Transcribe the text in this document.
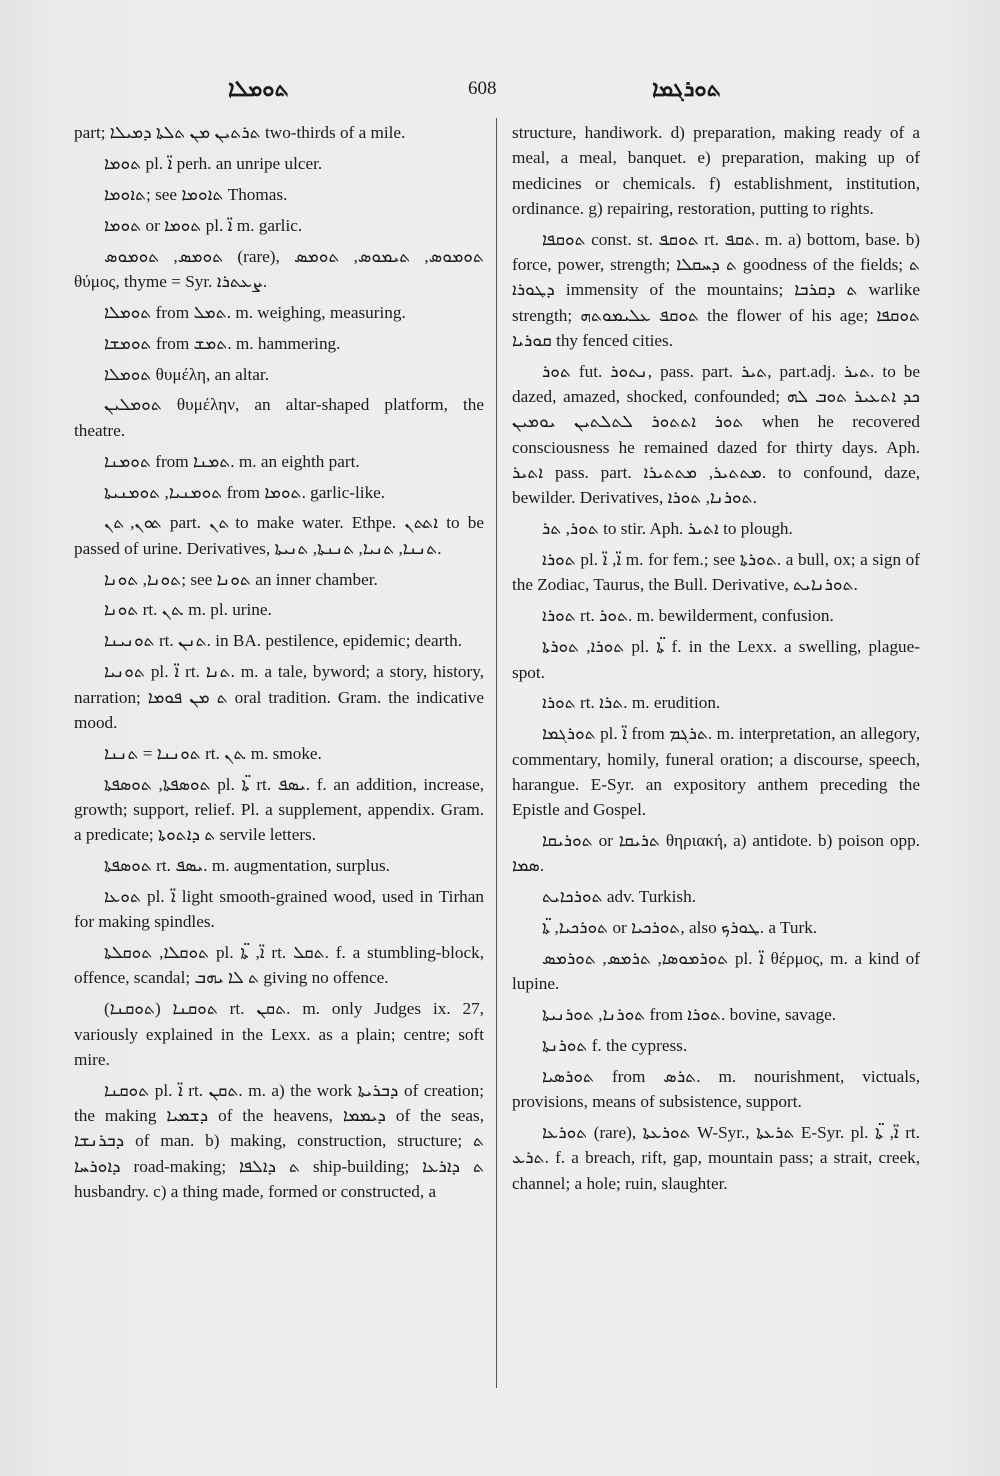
ܬܘܡܠܐ	608	ܬܘܪܓܡܐ

part; ܬܪܬܝܢ ܡܢ ܬܠܬܐ ܕܡܝܠܐ two-thirds of a mile.

ܬܘܡܐ pl. ܐ̈ perh. an unripe ulcer.

ܬܐܘܡܐ; see ܬܐܘܡܐ Thomas.

ܬܘܡܐ or ܬܘܡܐ pl. ܐ̈ m. garlic.

ܬܘܡܣ, ܬܘܡܘܣ (rare), ܬܘܡܘܣ, ܬܝܡܘܣ, ܬܘܡܣ θύμος, thyme = Syr. ܨܥܬܪܐ.

ܬܘܡܠܐ from ܬܡܠ. m. weighing, measuring.

ܬܘܡܫܐ from ܬܡܫ. m. hammering.

ܬܘܡܠܐ θυμέλη, an altar.

ܬܘܡܠܝܢ θυμέλην, an altar-shaped platform, the theatre.

ܬܘܡܢܐ from ܬܡܢܐ. m. an eighth part.

ܬܘܡܢܝܐ, ܬܘܡܢܝܬܐ from ܬܘܡܐ. garlic-like.

ܬܘܢ, ܬܢ part. ܬܢ to make water. Ethpe. ܐܬܬܢ to be passed of urine. Derivatives, ܬܢܢܐ, ܬܢܝܐ, ܬܢܢܬܐ, ܬܢܝܬܐ.

ܬܘܢܐ, ܬܘܢܐ; see ܬܘܢܐ an inner chamber.

ܬܘܢܐ rt. ܬܢ. m. pl. urine.

ܬܘܢܝܢܐ rt. ܬܢܢ. in BA. pestilence, epidemic; dearth.

ܬܘܢܝܐ pl. ܐ̈ rt. ܬܢܐ. m. a tale, byword; a story, history, narration; ܬ ܡܢ ܦܘܡܐ oral tradition. Gram. the indicative mood.

ܬܘܢܢܐ = ܬܢܢܐ rt. ܬܢ. m. smoke.

ܬܘܣܦܬܐ, ܬܘܣܦܬܐ pl. ܬ̈ܐ rt. ܝܣܦ. f. an addition, increase, growth; support, relief. Pl. a supplement, appendix. Gram. a predicate; ܬ ܕܐܬܘܬܐ servile letters.

ܬܘܣܦܬܐ rt. ܝܣܦ. m. augmentation, surplus.

ܬܘܥܐ pl. ܐ̈ light smooth-grained wood, used in Tirhan for making spindles.

ܬܘܩܠܐ, ܬܘܩܠܬܐ pl. ܐ̈, ܬ̈ܐ rt. ܬܩܠ. f. a stumbling-block, offence, scandal; ܬ ܠܐ ܝܗܒ giving no offence.

ܬܘܩܢܐ (ܬܘܩܢܐ) rt. ܬܩܢ. m. only Judges ix. 27, variously explained in the Lexx. as a plain; centre; soft mire.

ܬܘܩܢܐ pl. ܐ̈ rt. ܬܩܢ. m. a) the work ܕܒܪܝܬܐ of creation; the making ܕܫܡܝܐ of the heavens, ܕܝܡܡܐ of the seas, ܕܒܪܢܫܐ of man. b) making, construction, structure; ܬ ܕܐܘܪܚܐ road-making; ܬ ܕܐܠܦܐ ship-building; ܬ ܕܐܪܥܐ husbandry. c) a thing made, formed or constructed, a

structure, handiwork. d) preparation, making ready of a meal, a meal, banquet. e) preparation, making up of medicines or chemicals. f) establishment, institution, ordinance. g) repairing, restoration, putting to rights.

ܬܘܩܦܐ const. st. ܬܘܩܦ rt. ܬܩܦ. m. a) bottom, base. b) force, power, strength; ܬ ܕܚܩܠܐ goodness of the fields; ܬ ܕܛܘܪܐ immensity of the mountains; ܬ ܕܩܪܒܐ warlike strength; ܬܘܩܦ ܥܠܝܡܘܬܗ the flower of his age; ܬܘܩܦܐ ܩܘܪܝܐ thy fenced cities.

ܬܘܪ fut. ܢܬܘܪ, pass. part. ܬܝܪ, part.adj. ܬܝܪ. to be dazed, amazed, shocked, confounded; ܟܕ ܐܬܥܝܪ ܬܘܒ ܠܗ ܬܘܪ ܐܬܬܘܪ ܠܬܠܬܝܢ ܝܘܡܝܢ when he recovered consciousness he remained dazed for thirty days. Aph. ܐܬܝܪ pass. part. ܡܬܬܝܪ, ܡܬܬܝܪܐ. to confound, daze, bewilder. Derivatives, ܬܘܪܢܐ, ܬܘܪܐ.

ܬܘܪ, ܬܪ to stir. Aph. ܐܬܝܪ to plough.

ܬܘܪܐ pl. ܐ̈, ܐ̈ m. for fem.; see ܬܘܪܬܐ. a bull, ox; a sign of the Zodiac, Taurus, the Bull. Derivative, ܬܘܪܢܐܝܬ.

ܬܘܪܐ rt. ܬܘܪ. m. bewilderment, confusion.

ܬܘܪܐ, ܬܘܪܬܐ pl. ܬ̈ܐ f. in the Lexx. a swelling, plague-spot.

ܬܘܪܐ rt. ܬܪܐ. m. erudition.

ܬܘܪܓܡܐ pl. ܐ̈ from ܬܪܓܡ. m. interpretation, an allegory, commentary, homily, funeral oration; a discourse, speech, harangue. E-Syr. an expository anthem preceding the Epistle and Gospel.

ܬܘܪܝܩܐ or ܬܪܝܩܐ θηριακή, a) antidote. b) poison opp. ܣܡܐ.

ܬܘܪܟܐܝܬ adv. Turkish.

ܬܘܪܟܝܐ, ܬ̈ܐ or ܬܘܪܟܝܐ, also ܛܘܪܟ. a Turk.

ܬܘܪܡܘܣܐ, ܬܪܡܣ, ܬܘܪܡܣ pl. ܐ̈ θέρμος, m. a kind of lupine.

ܬܘܪܢܐ, ܬܘܪܢܝܬܐ from ܬܘܪܐ. bovine, savage.

ܬܘܪܢܬܐ f. the cypress.

ܬܘܪܣܝܐ from ܬܪܣ. m. nourishment, victuals, provisions, means of subsistence, support.

ܬܘܪܥܐ (rare), ܬܘܪܥܬܐ W-Syr., ܬܪܥܬܐ E-Syr. pl. ܐ̈, ܬ̈ܐ rt. ܬܪܥ. f. a breach, rift, gap, mountain pass; a strait, creek, channel; a hole; ruin, slaughter.
